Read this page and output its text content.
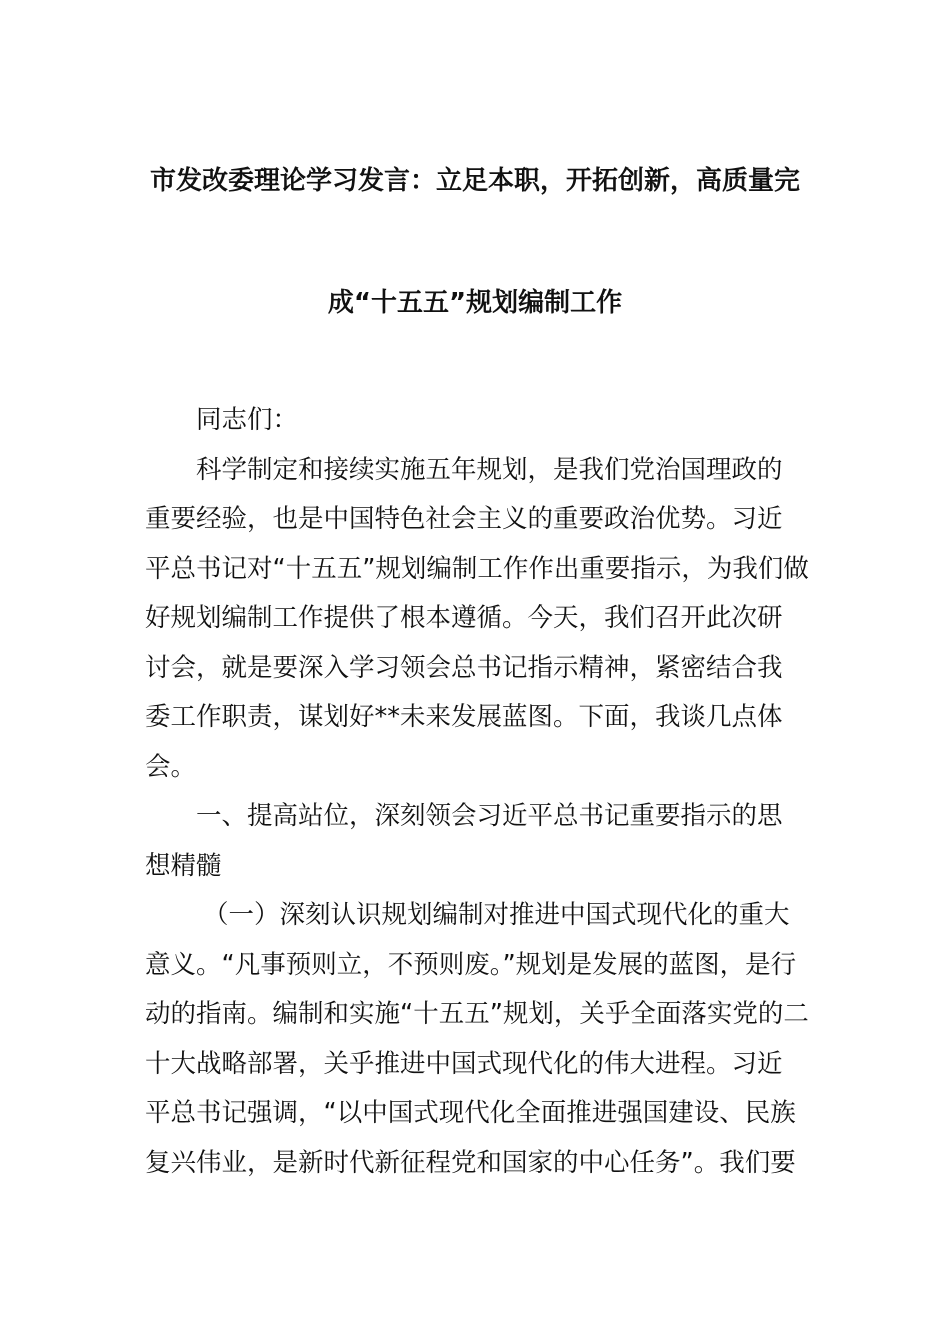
市发改委理论学习发言：立足本职，开拓创新，高质量完
成“十五五”规划编制工作
同志们：
科学制定和接续实施五年规划，是我们党治国理政的
重要经验，也是中国特色社会主义的重要政治优势。习近
平总书记对“十五五”规划编制工作作出重要指示，为我们做
好规划编制工作提供了根本遵循。今天，我们召开此次研
讨会，就是要深入学习领会总书记指示精神，紧密结合我
委工作职责，谋划好**未来发展蓝图。下面，我谈几点体
会。
一、提高站位，深刻领会习近平总书记重要指示的思
想精髓
（一）深刻认识规划编制对推进中国式现代化的重大
意义。“凡事预则立，不预则废。”规划是发展的蓝图，是行
动的指南。编制和实施“十五五”规划，关乎全面落实党的二
十大战略部署，关乎推进中国式现代化的伟大进程。习近
平总书记强调，“以中国式现代化全面推进强国建设、民族
复兴伟业，是新时代新征程党和国家的中心任务”。我们要
